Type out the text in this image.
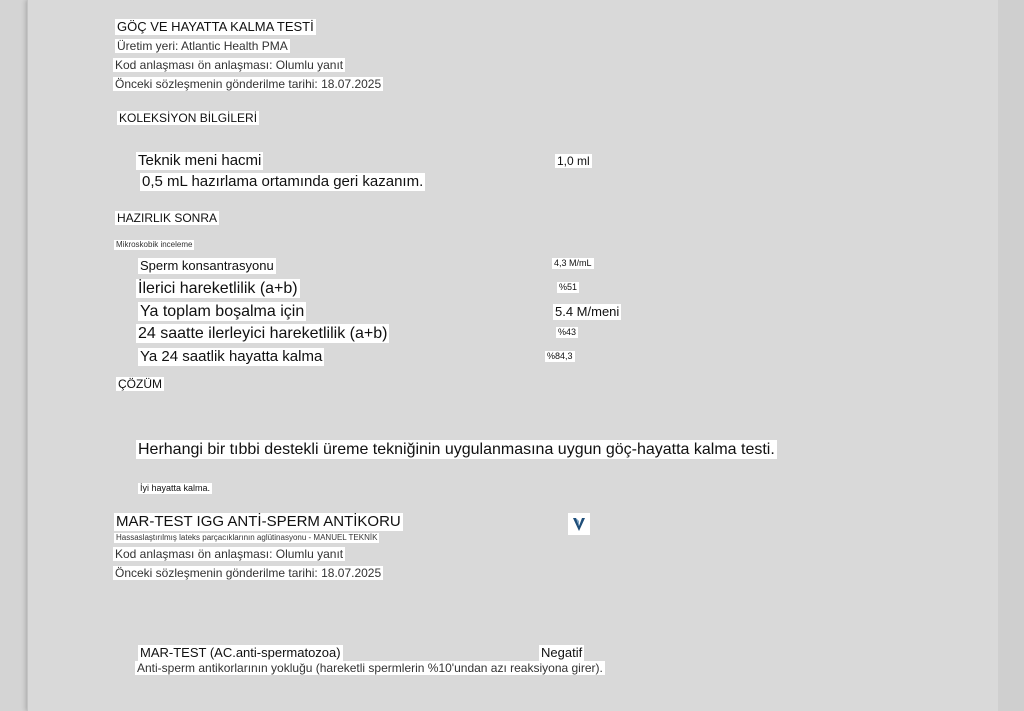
GÖÇ VE HAYATTA KALMA TESTİ
Üretim yeri: Atlantic Health PMA
Kod anlaşması ön anlaşması: Olumlu yanıt
Önceki sözleşmenin gönderilme tarihi: 18.07.2025
KOLEKSİYON BİLGİLERİ
Teknik meni hacmi	1,0 ml
0,5 mL hazırlama ortamında geri kazanım.
HAZIRLIK SONRA
Mikroskobik inceleme
Sperm konsantrasyonu	4,3 M/mL
İlerici hareketlilik (a+b)	%51
Ya toplam boşalma için	5.4 M/meni
24 saatte ilerleyici hareketlilik (a+b)	%43
Ya 24 saatlik hayatta kalma	%84,3
ÇÖZÜM
Herhangi bir tıbbi destekli üreme tekniğinin uygulanmasına uygun göç-hayatta kalma testi.
İyi hayatta kalma.
MAR-TEST IGG ANTİ-SPERM ANTİKORU
Hassaslaştırılmış lateks parçacıklarının aglütinasyonu - MANUEL TEKNİK
Kod anlaşması ön anlaşması: Olumlu yanıt
Önceki sözleşmenin gönderilme tarihi: 18.07.2025
MAR-TEST (AC.anti-spermatozoa)	Negatif
Anti-sperm antikorlarının yokluğu (hareketli spermlerin %10'undan azı reaksiyona girer).
